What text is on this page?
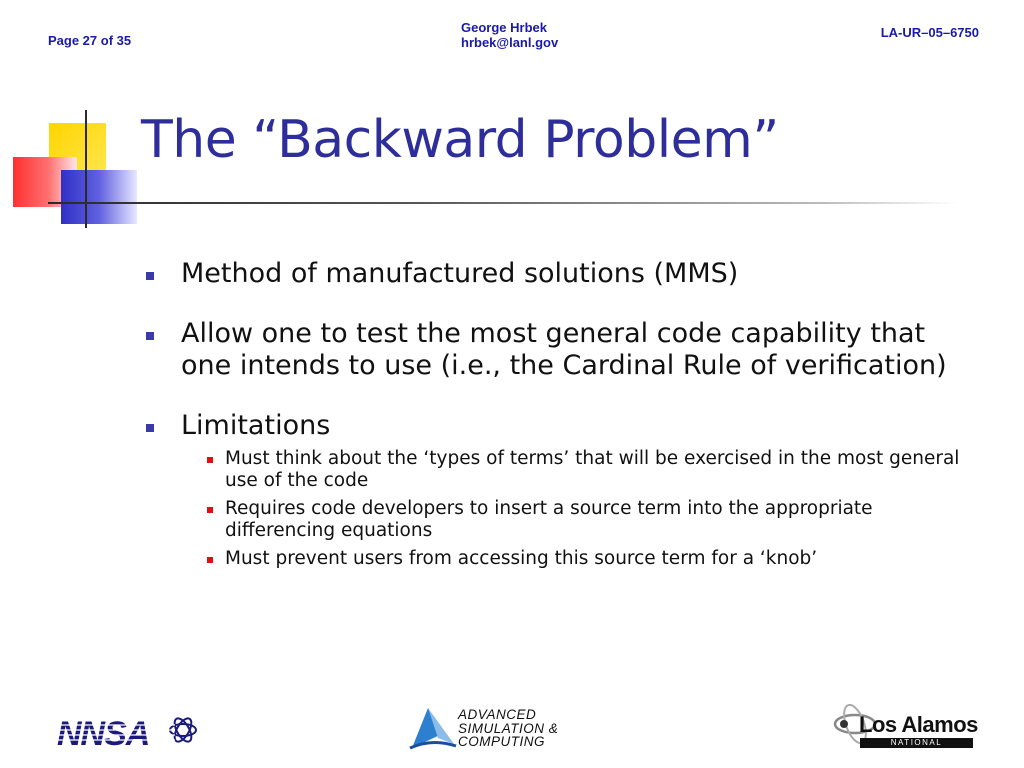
Page 27 of 35
George Hrbek
hrbek@lanl.gov
LA-UR–05–6750
The “Backward Problem”
Method of manufactured solutions (MMS)
Allow one to test the most general code capability that one intends to use (i.e., the Cardinal Rule of verification)
Limitations
Must think about the ‘types of terms’ that will be exercised in the most general use of the code
Requires code developers to insert a source term into the appropriate differencing equations
Must prevent users from accessing this source term for a ‘knob’
NNSA
ADVANCED
SIMULATION &
COMPUTING
Los Alamos
NATIONAL LABORATORY
